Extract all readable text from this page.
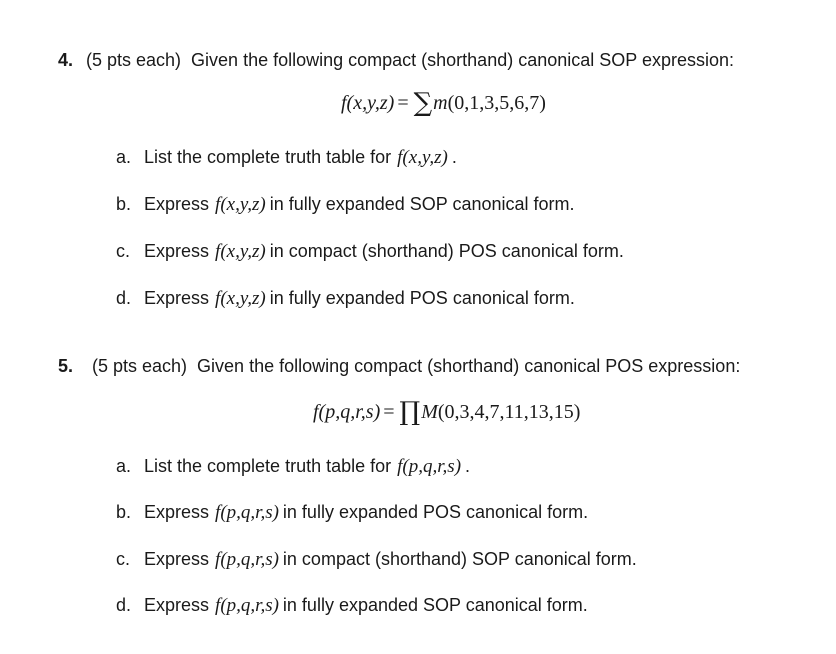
4. (5 pts each) Given the following compact (shorthand) canonical SOP expression:
f(x,y,z) = ∑m(0,1,3,5,6,7)
a. List the complete truth table for f(x,y,z) .
b. Express f(x,y,z) in fully expanded SOP canonical form.
c. Express f(x,y,z) in compact (shorthand) POS canonical form.
d. Express f(x,y,z) in fully expanded POS canonical form.
5. (5 pts each) Given the following compact (shorthand) canonical POS expression:
f(p,q,r,s) = ∏M(0,3,4,7,11,13,15)
a. List the complete truth table for f(p,q,r,s) .
b. Express f(p,q,r,s) in fully expanded POS canonical form.
c. Express f(p,q,r,s) in compact (shorthand) SOP canonical form.
d. Express f(p,q,r,s) in fully expanded SOP canonical form.
